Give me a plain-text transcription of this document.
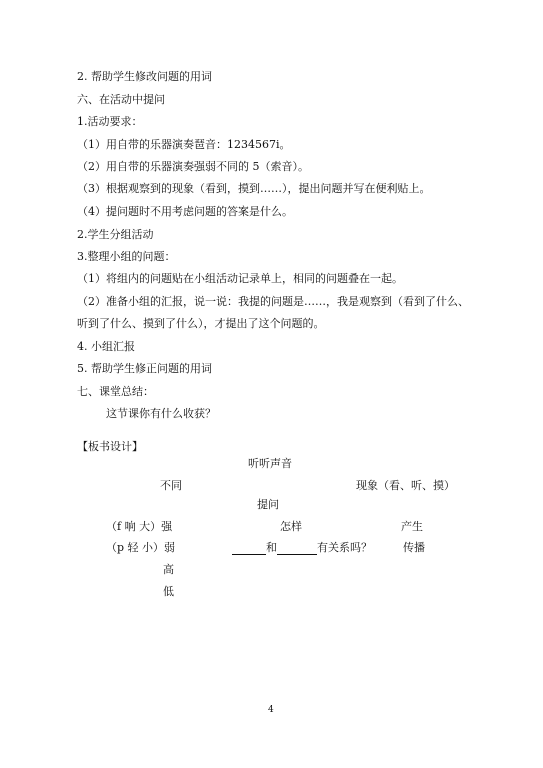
2. 帮助学生修改问题的用词
六、在活动中提问
1.活动要求：
（1）用自带的乐器演奏琶音：1234567i。
（2）用自带的乐器演奏强弱不同的 5（索音）。
（3）根据观察到的现象（看到，摸到……），提出问题并写在便利贴上。
（4）提问题时不用考虑问题的答案是什么。
2.学生分组活动
3.整理小组的问题：
（1）将组内的问题贴在小组活动记录单上，相同的问题叠在一起。
（2）准备小组的汇报，说一说：我提的问题是……，我是观察到（看到了什么、
听到了什么、摸到了什么），才提出了这个问题的。
4. 小组汇报
5. 帮助学生修正问题的用词
七、课堂总结：
这节课你有什么收获？
【板书设计】
听听声音
不同	现象（看、听、摸）
提问
（f 响 大）强	怎样	产生
（p 轻 小）弱	和	有关系吗？	传播
高
低
4
